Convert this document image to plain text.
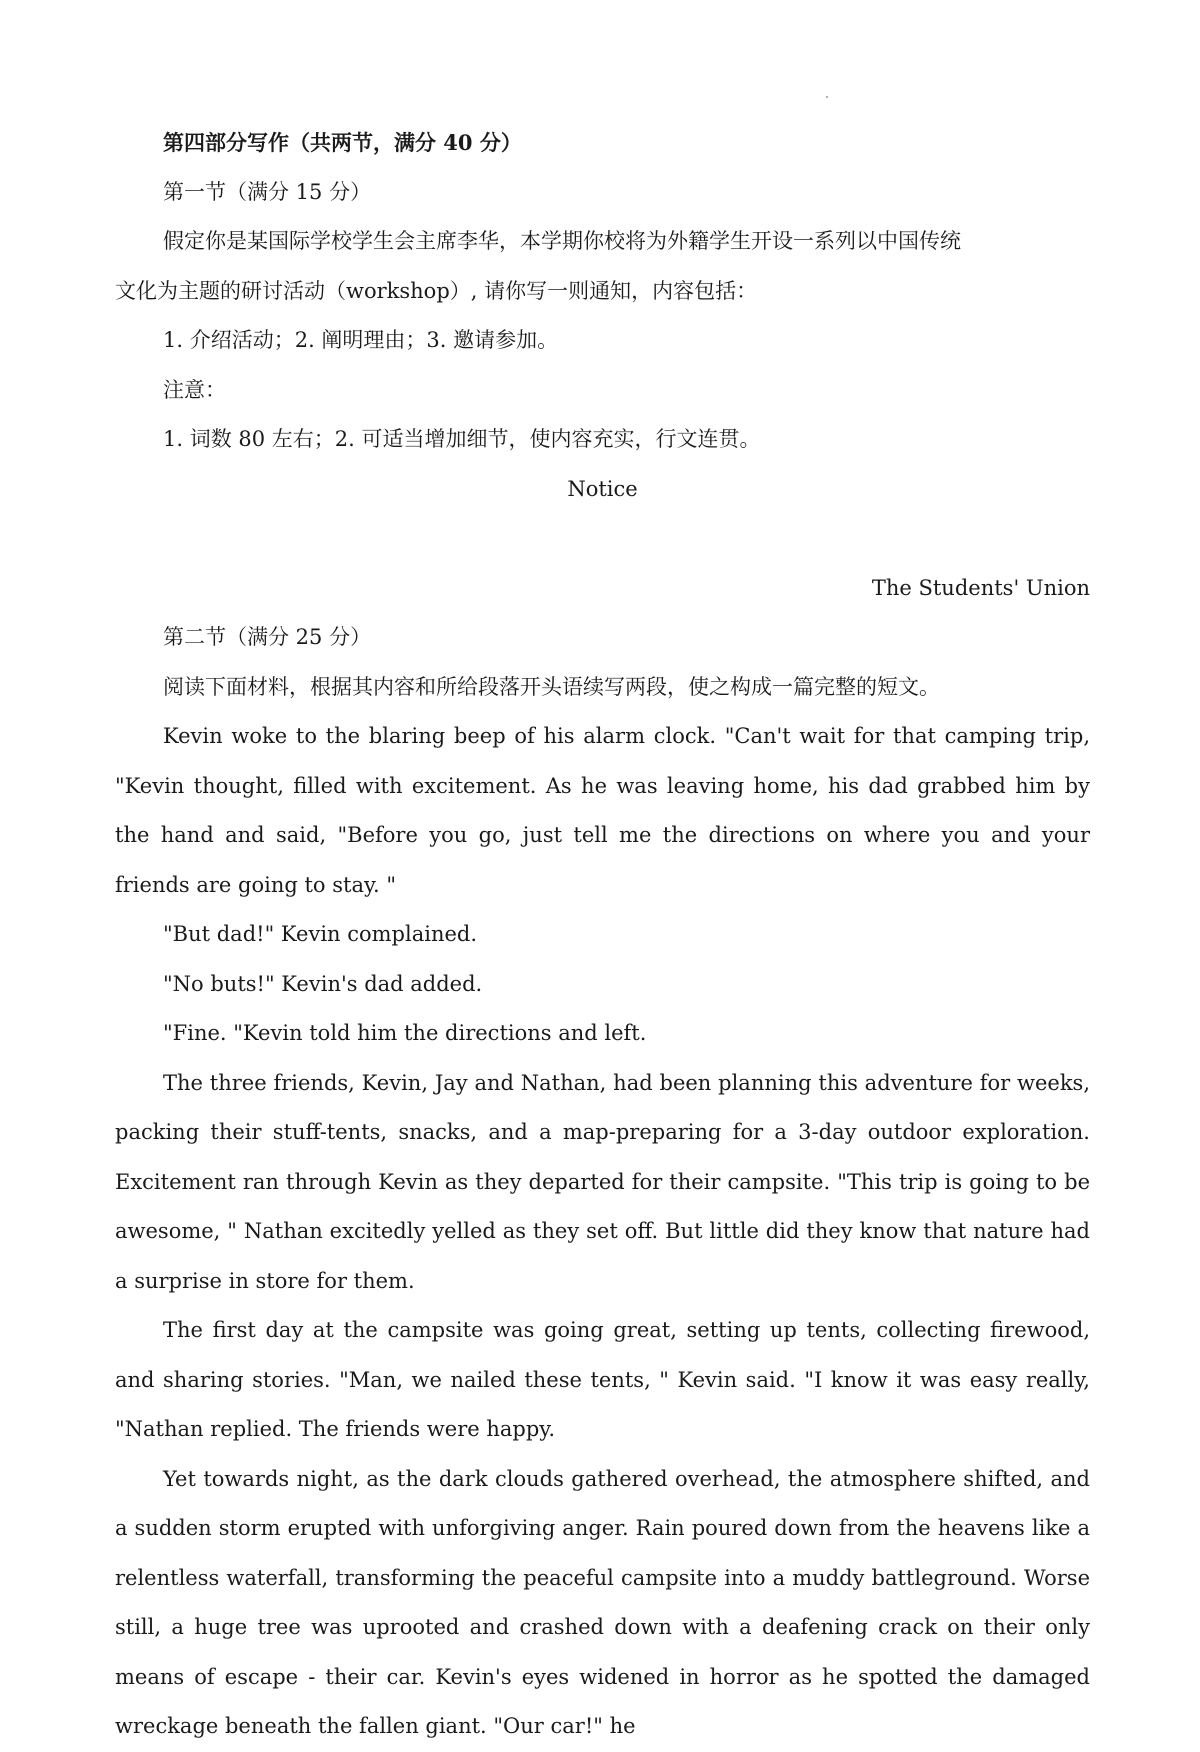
第四部分写作（共两节，满分 40 分）

第一节（满分 15 分）

假定你是某国际学校学生会主席李华，本学期你校将为外籍学生开设一系列以中国传统

文化为主题的研讨活动（workshop）, 请你写一则通知，内容包括：

1. 介绍活动；2. 阐明理由；3. 邀请参加。

注意：

1. 词数 80 左右；2. 可适当增加细节，使内容充实，行文连贯。

Notice

The Students' Union

第二节（满分 25 分）

阅读下面材料，根据其内容和所给段落开头语续写两段，使之构成一篇完整的短文。

Kevin woke to the blaring beep of his alarm clock. "Can't wait for that camping trip, "Kevin thought, filled with excitement. As he was leaving home, his dad grabbed him by the hand and said, "Before you go, just tell me the directions on where you and your friends are going to stay. "

"But dad!" Kevin complained.

"No buts!" Kevin's dad added.

"Fine. "Kevin told him the directions and left.

The three friends, Kevin, Jay and Nathan, had been planning this adventure for weeks, packing their stuff-tents, snacks, and a map-preparing for a 3-day outdoor exploration. Excitement ran through Kevin as they departed for their campsite. "This trip is going to be awesome, " Nathan excitedly yelled as they set off. But little did they know that nature had a surprise in store for them.

The first day at the campsite was going great, setting up tents, collecting firewood, and sharing stories. "Man, we nailed these tents, " Kevin said. "I know it was easy really, "Nathan replied. The friends were happy.

Yet towards night, as the dark clouds gathered overhead, the atmosphere shifted, and a sudden storm erupted with unforgiving anger. Rain poured down from the heavens like a relentless waterfall, transforming the peaceful campsite into a muddy battleground. Worse still, a huge tree was uprooted and crashed down with a deafening crack on their only means of escape - their car. Kevin's eyes widened in horror as he spotted the damaged wreckage beneath the fallen giant. "Our car!" he
